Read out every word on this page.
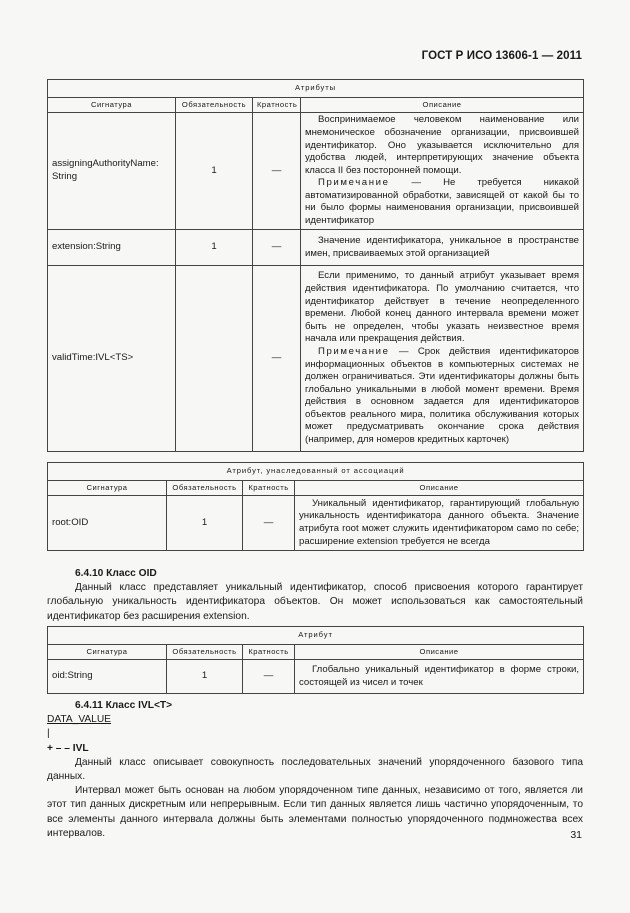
ГОСТ Р ИСО 13606-1 — 2011
Атрибуты			
Сигнатура	Обязательность	Кратность	Описание
assigningAuthorityName: String	1	—	Воспринимаемое человеком наименование или мнемоническое обозначение организации, присвоившей идентификатор. Оно указывается исключительно для удобства людей, интерпретирующих значение объекта класса II без посторонней помощи.

Примечание — Не требуется никакой автоматизированной обработки, зависящей от какой бы то ни было формы наименования организации, присвоившей идентификатор

extension:String	1	—	Значение идентификатора, уникальное в пространстве имен, присваиваемых этой организацией

validTime:IVL<TS>		—	Если применимо, то данный атрибут указывает время действия идентификатора. По умолчанию считается, что идентификатор действует в течение неопределенного времени. Любой конец данного интервала времени может быть не определен, чтобы указать неизвестное время начала или прекращения действия.

Примечание — Срок действия идентификаторов информационных объектов в компьютерных системах не должен ограничиваться. Эти идентификаторы должны быть глобально уникальными в любой момент времени. Время действия в основном задается для идентификаторов объектов реального мира, политика обслуживания которых может предусматривать окончание срока действия (например, для номеров кредитных карточек)

Атрибут, унаследованный от ассоциаций			
Сигнатура	Обязательность	Кратность	Описание
root:OID	1	—	Уникальный идентификатор, гарантирующий глобальную уникальность идентификатора данного объекта. Значение атрибута root может служить идентификатором само по себе; расширение extension требуется не всегда

6.4.10 Класс OID

Данный класс представляет уникальный идентификатор, способ присвоения которого гарантирует глобальную уникальность идентификатора объектов. Он может использоваться как самостоятельный идентификатор без расширения extension.

Атрибут			
Сигнатура	Обязательность	Кратность	Описание
oid:String	1	—	Глобально уникальный идентификатор в форме строки, состоящей из чисел и точек

6.4.11 Класс IVL<T>

DATA_VALUE

|

+ – – IVL

Данный класс описывает совокупность последовательных значений упорядоченного базового типа данных.

Интервал может быть основан на любом упорядоченном типе данных, независимо от того, является ли этот тип данных дискретным или непрерывным. Если тип данных является лишь частично упорядоченным, то все элементы данного интервала должны быть элементами полностью упорядоченного подмножества всех интервалов.	31
